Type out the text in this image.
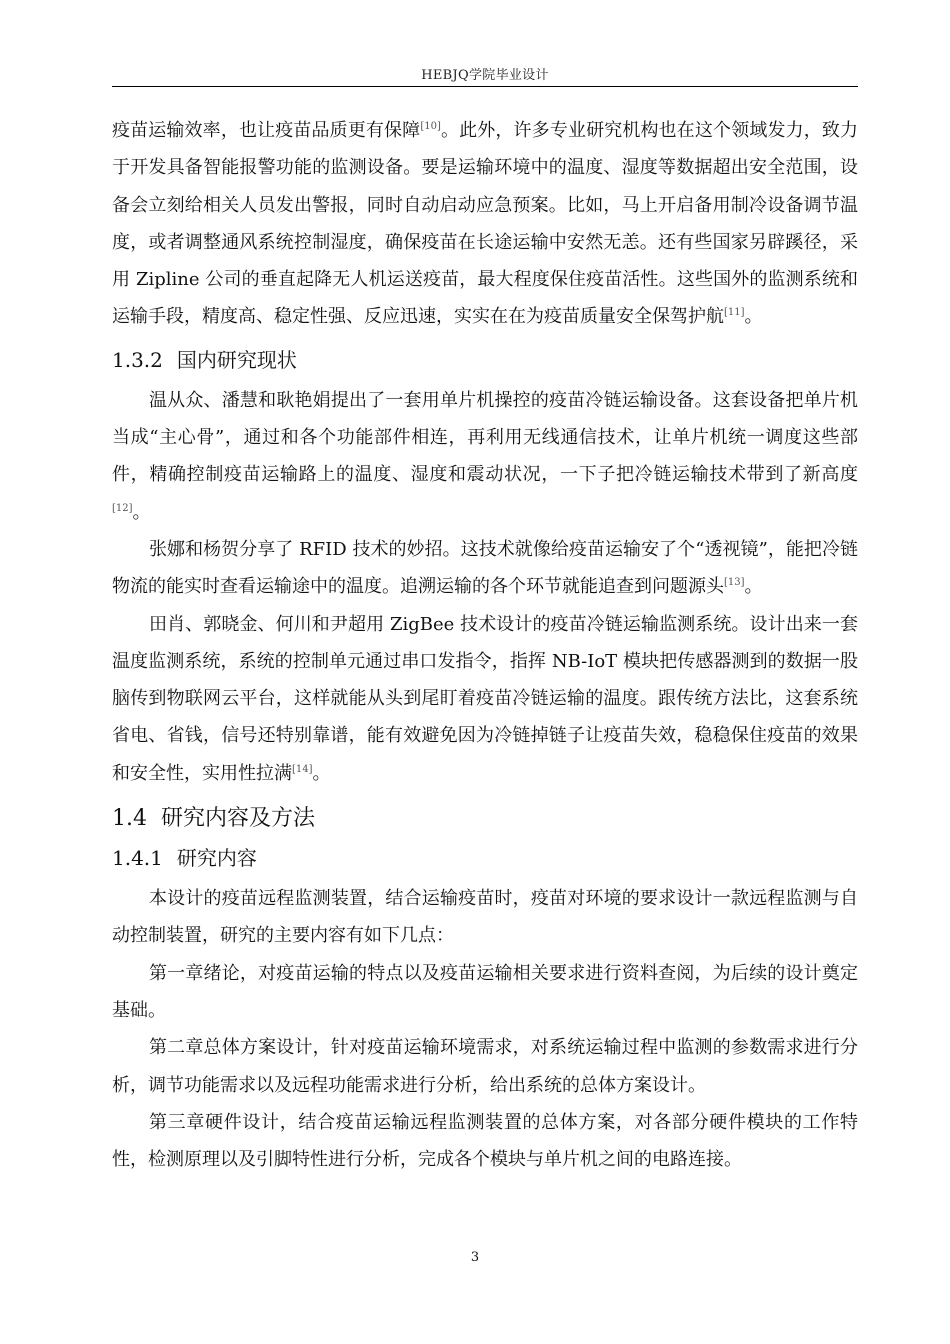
HEBJQ学院毕业设计

疫苗运输效率，也让疫苗品质更有保障[10]。此外，许多专业研究机构也在这个领域发力，致力于开发具备智能报警功能的监测设备。要是运输环境中的温度、湿度等数据超出安全范围，设备会立刻给相关人员发出警报，同时自动启动应急预案。比如，马上开启备用制冷设备调节温度，或者调整通风系统控制湿度，确保疫苗在长途运输中安然无恙。还有些国家另辟蹊径，采用 Zipline 公司的垂直起降无人机运送疫苗，最大程度保住疫苗活性。这些国外的监测系统和运输手段，精度高、稳定性强、反应迅速，实实在在为疫苗质量安全保驾护航[11]。

1.3.2 国内研究现状

温从众、潘慧和耿艳娟提出了一套用单片机操控的疫苗冷链运输设备。这套设备把单片机当成“主心骨”，通过和各个功能部件相连，再利用无线通信技术，让单片机统一调度这些部件，精确控制疫苗运输路上的温度、湿度和震动状况，一下子把冷链运输技术带到了新高度[12]。

张娜和杨贺分享了 RFID 技术的妙招。这技术就像给疫苗运输安了个“透视镜”，能把冷链物流的能实时查看运输途中的温度。追溯运输的各个环节就能追查到问题源头[13]。

田肖、郭晓金、何川和尹超用 ZigBee 技术设计的疫苗冷链运输监测系统。设计出来一套温度监测系统，系统的控制单元通过串口发指令，指挥 NB-IoT 模块把传感器测到的数据一股脑传到物联网云平台，这样就能从头到尾盯着疫苗冷链运输的温度。跟传统方法比，这套系统省电、省钱，信号还特别靠谱，能有效避免因为冷链掉链子让疫苗失效，稳稳保住疫苗的效果和安全性，实用性拉满[14]。

1.4 研究内容及方法
1.4.1 研究内容

本设计的疫苗远程监测装置，结合运输疫苗时，疫苗对环境的要求设计一款远程监测与自动控制装置，研究的主要内容有如下几点：

第一章绪论，对疫苗运输的特点以及疫苗运输相关要求进行资料查阅，为后续的设计奠定基础。

第二章总体方案设计，针对疫苗运输环境需求，对系统运输过程中监测的参数需求进行分析，调节功能需求以及远程功能需求进行分析，给出系统的总体方案设计。

第三章硬件设计，结合疫苗运输远程监测装置的总体方案，对各部分硬件模块的工作特性，检测原理以及引脚特性进行分析，完成各个模块与单片机之间的电路连接。

3
